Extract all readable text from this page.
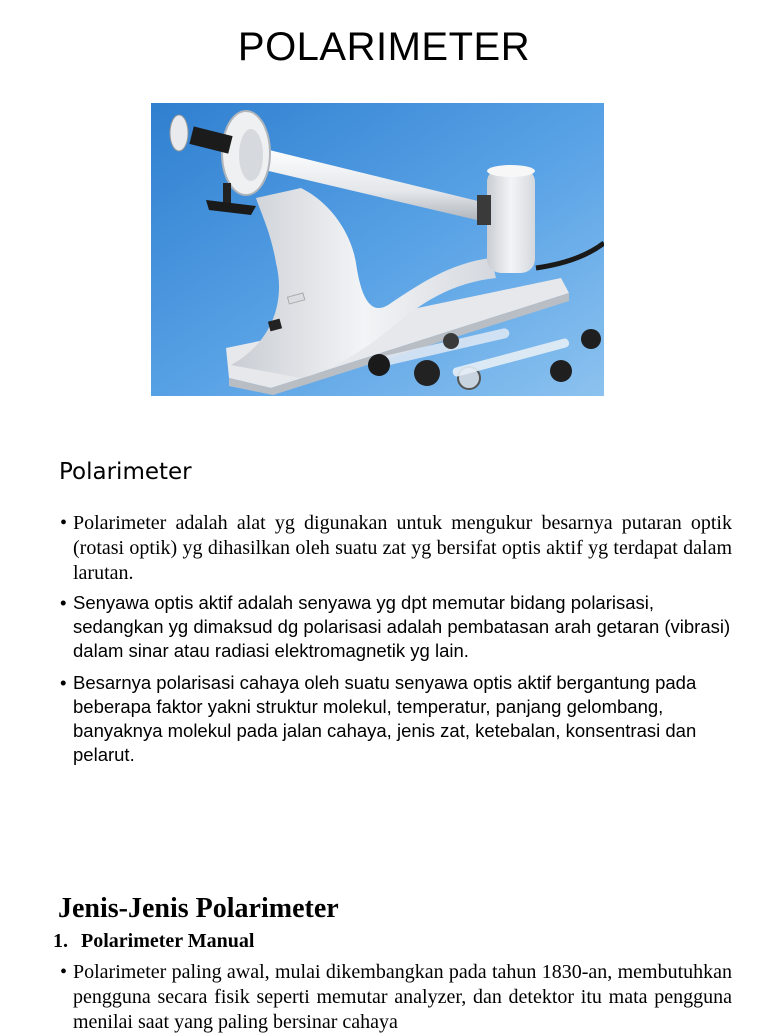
POLARIMETER
Polarimeter
• Polarimeter adalah alat yg digunakan untuk mengukur besarnya putaran optik (rotasi optik) yg dihasilkan oleh suatu zat yg bersifat optis aktif yg terdapat dalam larutan.
• Senyawa optis aktif adalah senyawa yg dpt memutar bidang polarisasi, sedangkan yg dimaksud dg polarisasi adalah pembatasan arah getaran (vibrasi) dalam sinar atau radiasi elektromagnetik yg lain.
• Besarnya polarisasi cahaya oleh suatu senyawa optis aktif bergantung pada beberapa faktor yakni struktur molekul, temperatur, panjang gelombang, banyaknya molekul pada jalan cahaya, jenis zat, ketebalan, konsentrasi dan pelarut.
Jenis-Jenis Polarimeter
1. Polarimeter Manual
• Polarimeter paling awal, mulai dikembangkan pada tahun 1830-an, membutuhkan pengguna secara fisik seperti memutar analyzer, dan detektor itu mata pengguna menilai saat yang paling bersinar cahaya
